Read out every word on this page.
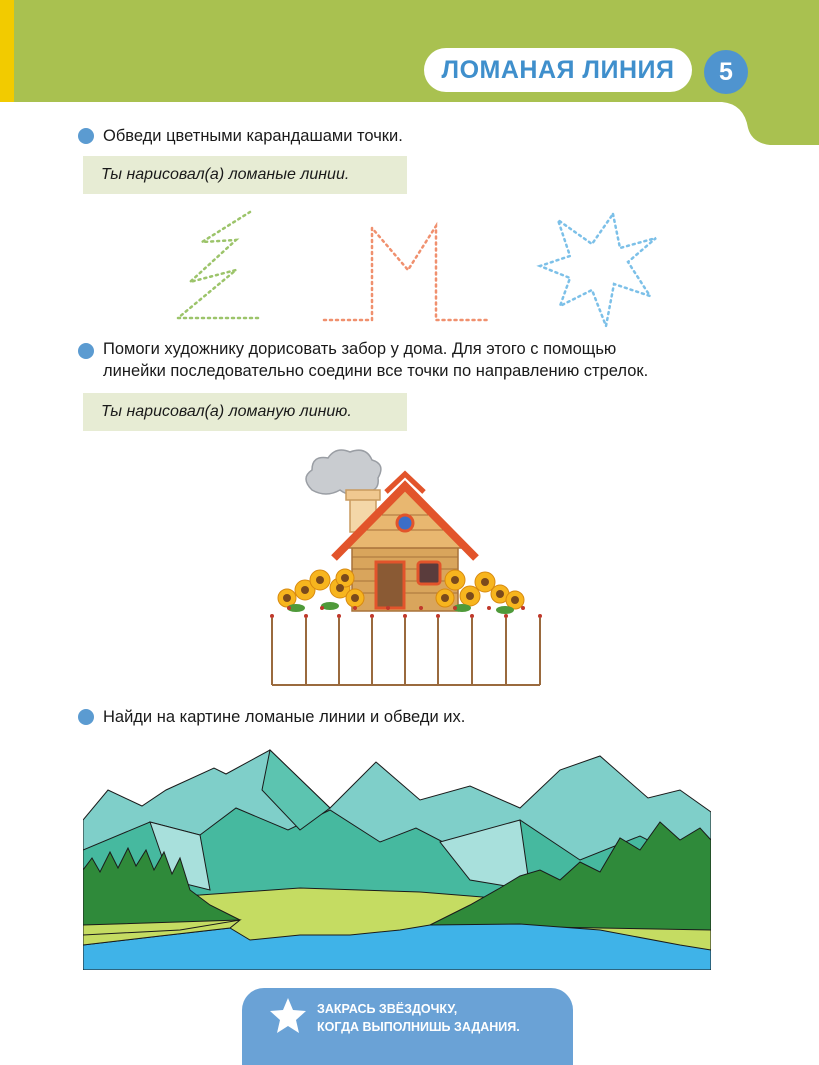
ЛОМАНАЯ ЛИНИЯ	5
Обведи цветными карандашами точки.
Ты нарисовал(а) ломаные линии.
Помоги художнику дорисовать забор у дома. Для этого с помощью
линейки последовательно соедини все точки по направлению стрелок.
Ты нарисовал(а) ломаную линию.
Найди на картине ломаные линии и обведи их.
ЗАКРАСЬ ЗВЁЗДОЧКУ,
КОГДА ВЫПОЛНИШЬ ЗАДАНИЯ.
